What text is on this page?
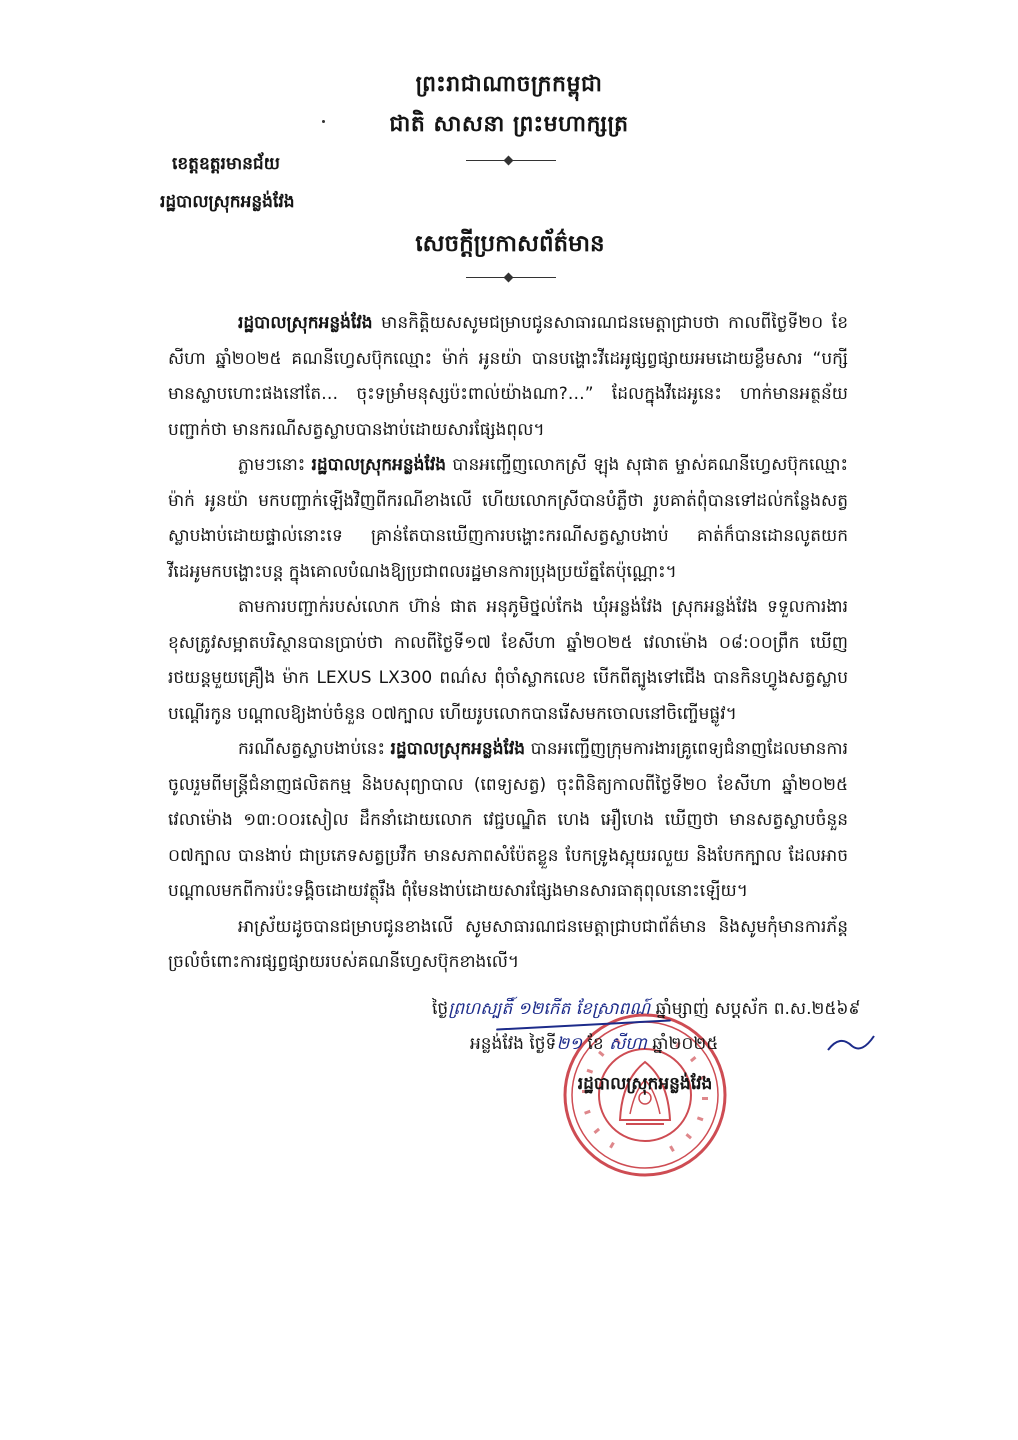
ព្រះរាជាណាចក្រកម្ពុជា
ជាតិ សាសនា ព្រះមហាក្សត្រ
ខេត្តឧត្តរមានជ័យ
រដ្ឋបាលស្រុកអន្លង់វែង
សេចក្ដីប្រកាសព័ត៌មាន

រដ្ឋបាលស្រុកអន្លង់វែង មានកិត្តិយសសូមជម្រាបជូនសាធារណជនមេត្តាជ្រាបថា កាលពីថ្ងៃទី២០ ខែសីហា ឆ្នាំ២០២៥ គណនីហ្វេសប៊ុកឈ្មោះ ម៉ាក់ អូនយ៉ា បានបង្ហោះវីដេអូផ្សព្វផ្សាយអមដោយខ្លឹមសារ “បក្សីមានស្លាបហោះផងនៅតែ… ចុះទម្រាំមនុស្សប៉ះពាល់យ៉ាងណា?…” ដែលក្នុងវីដេអូនេះ ហាក់មានអត្ថន័យបញ្ជាក់ថា មានករណីសត្វស្លាបបានងាប់ដោយសារផ្សែងពុល។

ភ្លាមៗនោះ រដ្ឋបាលស្រុកអន្លង់វែង បានអញ្ជើញលោកស្រី ឡុង សុផាត ម្ចាស់គណនីហ្វេសប៊ុកឈ្មោះ ម៉ាក់ អូនយ៉ា មកបញ្ជាក់ឡើងវិញពីករណីខាងលើ ហើយលោកស្រីបានបំភ្លឺថា រូបគាត់ពុំបានទៅដល់កន្លែងសត្វស្លាបងាប់ដោយផ្ទាល់នោះទេ គ្រាន់តែបានឃើញការបង្ហោះករណីសត្វស្លាបងាប់ គាត់ក៏បានដោនលូតយកវីដេអូមកបង្ហោះបន្ត ក្នុងគោលបំណងឱ្យប្រជាពលរដ្ឋមានការប្រុងប្រយ័ត្នតែប៉ុណ្ណោះ។

តាមការបញ្ជាក់របស់លោក ហ៊ាន់ ផាត អនុភូមិថ្នល់កែង ឃុំអន្លង់វែង ស្រុកអន្លង់វែង ទទួលការងារខុសត្រូវសម្អាតបរិស្ថានបានប្រាប់ថា កាលពីថ្ងៃទី១៧ ខែសីហា ឆ្នាំ២០២៥ វេលាម៉ោង ០៨:០០ព្រឹក ឃើញរថយន្តមួយគ្រឿង ម៉ាក LEXUS LX300 ពណ៌ស ពុំចាំស្លាកលេខ បើកពីត្បូងទៅជើង បានកិនហ្វូងសត្វស្លាបបណ្ដើរកូន បណ្ដាលឱ្យងាប់ចំនួន ០៧ក្បាល ហើយរូបលោកបានរើសមកចោលនៅចិញ្ចើមផ្លូវ។

ករណីសត្វស្លាបងាប់នេះ រដ្ឋបាលស្រុកអន្លង់វែង បានអញ្ជើញក្រុមការងារគ្រូពេទ្យជំនាញដែលមានការចូលរួមពីមន្ត្រីជំនាញផលិតកម្ម និងបសុព្យាបាល (ពេទ្យសត្វ) ចុះពិនិត្យកាលពីថ្ងៃទី២០ ខែសីហា ឆ្នាំ២០២៥ វេលាម៉ោង ១៣:០០រសៀល ដឹកនាំដោយលោក វេជ្ជបណ្ឌិត ហេង អឿហេង ឃើញថា មានសត្វស្លាបចំនួន ០៧ក្បាល បានងាប់ ជាប្រភេទសត្វប្រវឹក មានសភាពសំប៉ែតខ្លួន បែកទ្រូងស្អុយរលួយ និងបែកក្បាល ដែលអាចបណ្ដាលមកពីការប៉ះទង្គិចដោយវត្ថុរឹង ពុំមែនងាប់ដោយសារផ្សែងមានសារធាតុពុលនោះឡើយ។

អាស្រ័យដូចបានជម្រាបជូនខាងលើ សូមសាធារណជនមេត្តាជ្រាបជាព័ត៌មាន និងសូមកុំមានការភ័ន្តច្រលំចំពោះការផ្សព្វផ្សាយរបស់គណនីហ្វេសប៊ុកខាងលើ។

ថ្ងៃព្រហស្បតិ៍ ១២កើត ខែស្រាពណ៍ ឆ្នាំម្សាញ់ សប្តស័ក ព.ស.២៥៦៩
អន្លង់វែង ថ្ងៃទី២១ ខែ សីហា ឆ្នាំ២០២៥
រដ្ឋបាលស្រុកអន្លង់វែង
